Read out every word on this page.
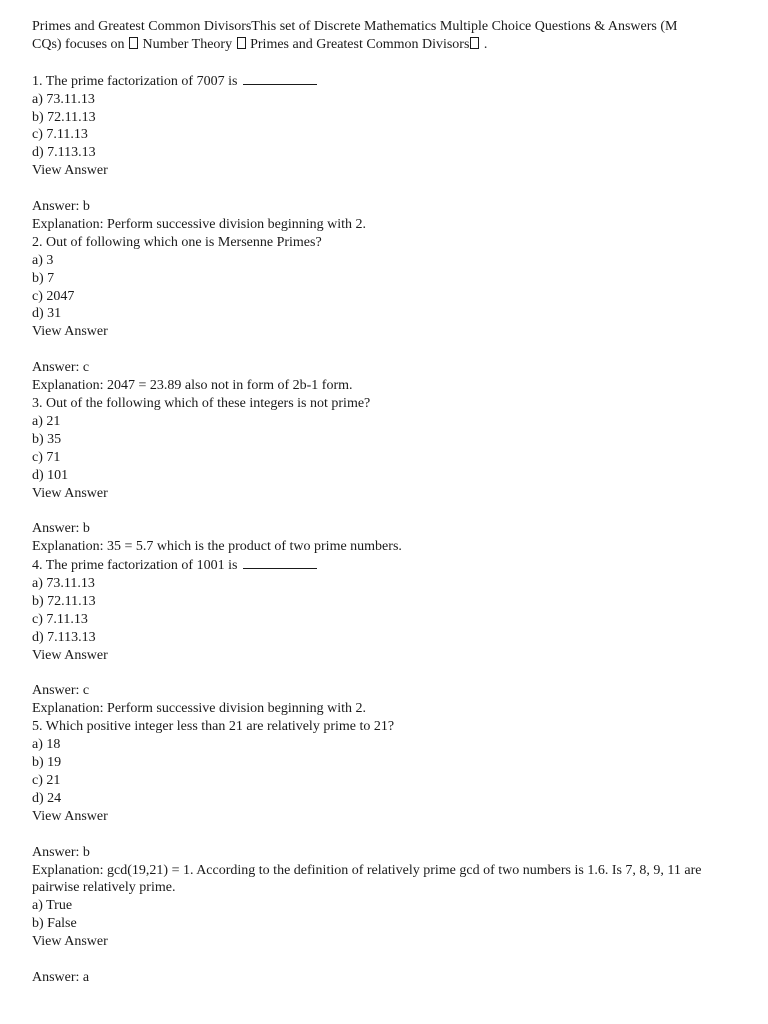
Primes and Greatest Common DivisorsThis set of Discrete Mathematics Multiple Choice Questions & Answers (M
CQs) focuses on  Number Theory  Primes and Greatest Common Divisors .
1. The prime factorization of 7007 is
a) 73.11.13
b) 72.11.13
c) 7.11.13
d) 7.113.13
View Answer
Answer: b
Explanation: Perform successive division beginning with 2.
2. Out of following which one is Mersenne Primes?
a) 3
b) 7
c) 2047
d) 31
View Answer
Answer: c
Explanation: 2047 = 23.89 also not in form of 2b-1 form.
3. Out of the following which of these integers is not prime?
a) 21
b) 35
c) 71
d) 101
View Answer
Answer: b
Explanation: 35 = 5.7 which is the product of two prime numbers.
4. The prime factorization of 1001 is
a) 73.11.13
b) 72.11.13
c) 7.11.13
d) 7.113.13
View Answer
Answer: c
Explanation: Perform successive division beginning with 2.
5. Which positive integer less than 21 are relatively prime to 21?
a) 18
b) 19
c) 21
d) 24
View Answer
Answer: b
Explanation: gcd(19,21) = 1. According to the definition of relatively prime gcd of two numbers is 1.6. Is 7, 8, 9, 11 are pairwise relatively prime.
a) True
b) False
View Answer
Answer: a
